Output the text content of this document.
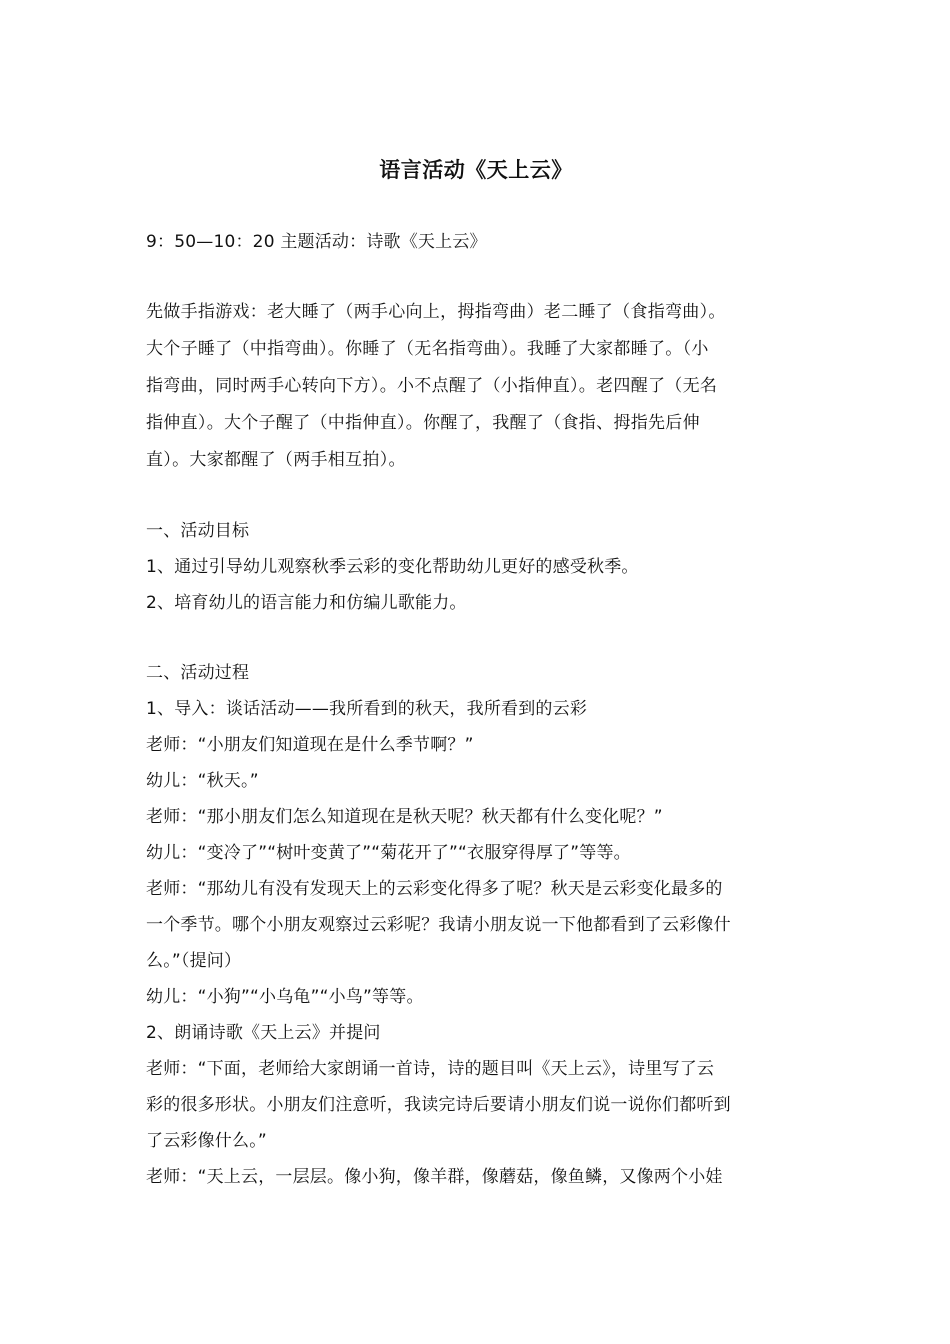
语言活动《天上云》

9：50—10：20 主题活动：诗歌《天上云》

先做手指游戏：老大睡了（两手心向上，拇指弯曲）老二睡了（食指弯曲）。

大个子睡了（中指弯曲）。你睡了（无名指弯曲）。我睡了大家都睡了。（小

指弯曲，同时两手心转向下方）。小不点醒了（小指伸直）。老四醒了（无名

指伸直）。大个子醒了（中指伸直）。你醒了，我醒了（食指、拇指先后伸

直）。大家都醒了（两手相互拍）。

一、活动目标

1、通过引导幼儿观察秋季云彩的变化帮助幼儿更好的感受秋季。

2、培育幼儿的语言能力和仿编儿歌能力。

二、活动过程

1、导入：谈话活动——我所看到的秋天，我所看到的云彩

老师：“小朋友们知道现在是什么季节啊？”

幼儿：“秋天。”

老师：“那小朋友们怎么知道现在是秋天呢？秋天都有什么变化呢？”

幼儿：“变冷了”“树叶变黄了”“菊花开了”“衣服穿得厚了”等等。

老师：“那幼儿有没有发现天上的云彩变化得多了呢？秋天是云彩变化最多的

一个季节。哪个小朋友观察过云彩呢？我请小朋友说一下他都看到了云彩像什

么。”（提问）

幼儿：“小狗”“小乌龟”“小鸟”等等。

2、朗诵诗歌《天上云》并提问

老师：“下面，老师给大家朗诵一首诗，诗的题目叫《天上云》，诗里写了云

彩的很多形状。小朋友们注意听，我读完诗后要请小朋友们说一说你们都听到

了云彩像什么。”

老师：“天上云，一层层。像小狗，像羊群，像蘑菇，像鱼鳞，又像两个小娃
